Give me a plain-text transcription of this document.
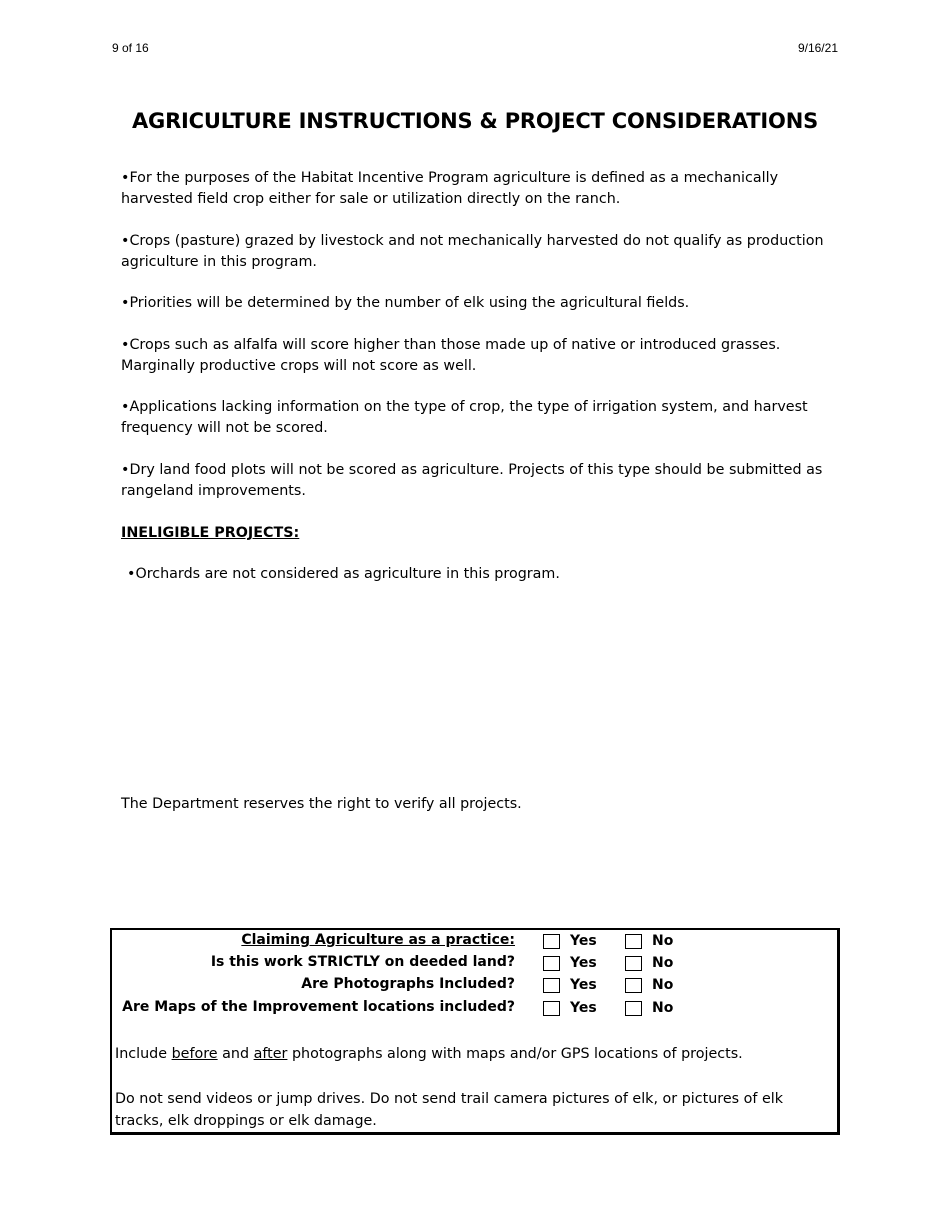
9 of 16	9/16/21
AGRICULTURE INSTRUCTIONS & PROJECT CONSIDERATIONS
•For the purposes of the Habitat Incentive Program agriculture is defined as a mechanically harvested field crop either for sale or utilization directly on the ranch.
•Crops (pasture) grazed by livestock and not mechanically harvested do not qualify as production agriculture in this program.
•Priorities will be determined by the number of elk using the agricultural fields.
•Crops such as alfalfa will score higher than those made up of native or introduced grasses. Marginally productive crops will not score as well.
•Applications lacking information on the type of crop, the type of irrigation system, and harvest frequency will not be scored.
•Dry land food plots will not be scored as agriculture. Projects of this type should be submitted as rangeland improvements.
INELIGIBLE PROJECTS:
•Orchards are not considered as agriculture in this program.
The Department reserves the right to verify all projects.
Claiming Agriculture as a practice:	Yes	No
Is this work STRICTLY on deeded land?	Yes	No
Are Photographs Included?	Yes	No
Are Maps of the Improvement locations included?	Yes	No
Include before and after photographs along with maps and/or GPS locations of projects.
Do not send videos or jump drives. Do not send trail camera pictures of elk, or pictures of elk tracks, elk droppings or elk damage.
